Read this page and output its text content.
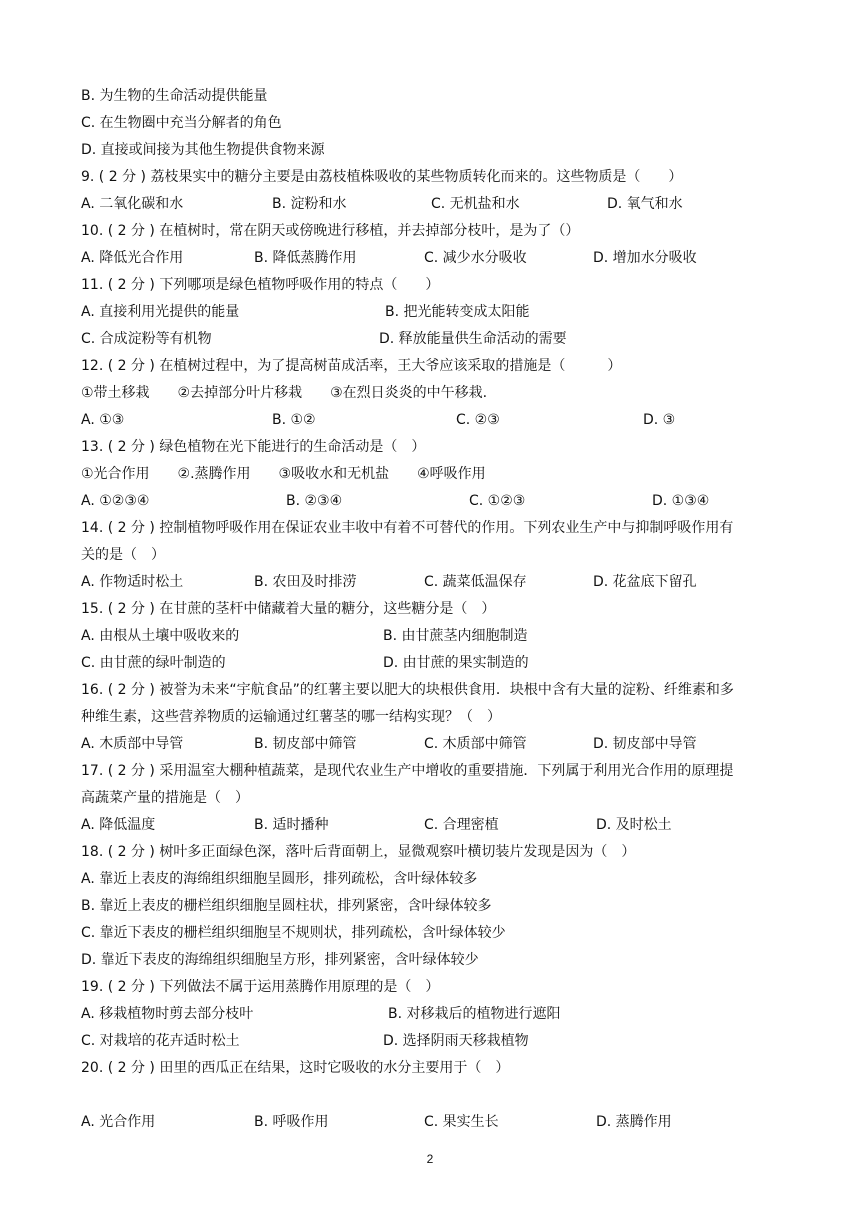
B. 为生物的生命活动提供能量
C. 在生物圈中充当分解者的角色
D. 直接或间接为其他生物提供食物来源
9. ( 2 分 ) 荔枝果实中的糖分主要是由荔枝植株吸收的某些物质转化而来的。这些物质是（　　）
A. 二氧化碳和水	B. 淀粉和水	C. 无机盐和水	D. 氧气和水
10. ( 2 分 ) 在植树时，常在阴天或傍晚进行移植，并去掉部分枝叶，是为了（）
A. 降低光合作用	B. 降低蒸腾作用	C. 减少水分吸收	D. 增加水分吸收
11. ( 2 分 ) 下列哪项是绿色植物呼吸作用的特点（　　）
A. 直接利用光提供的能量	B. 把光能转变成太阳能
C. 合成淀粉等有机物	D. 释放能量供生命活动的需要
12. ( 2 分 ) 在植树过程中，为了提高树苗成活率，王大爷应该采取的措施是（　　　）
①带土移栽　　②去掉部分叶片移栽　　③在烈日炎炎的中午移栽.
A. ①③	B. ①②	C. ②③	D. ③
13. ( 2 分 ) 绿色植物在光下能进行的生命活动是（　）
①光合作用　　②.蒸腾作用　　③吸收水和无机盐　　④呼吸作用
A. ①②③④	B. ②③④	C. ①②③	D. ①③④
14. ( 2 分 ) 控制植物呼吸作用在保证农业丰收中有着不可替代的作用。下列农业生产中与抑制呼吸作用有
关的是（　）
A. 作物适时松土	B. 农田及时排涝	C. 蔬菜低温保存	D. 花盆底下留孔
15. ( 2 分 ) 在甘蔗的茎杆中储藏着大量的糖分，这些糖分是（　）
A. 由根从土壤中吸收来的	B. 由甘蔗茎内细胞制造
C. 由甘蔗的绿叶制造的	D. 由甘蔗的果实制造的
16. ( 2 分 ) 被誉为未来“宇航食品”的红薯主要以肥大的块根供食用．块根中含有大量的淀粉、纤维素和多
种维生素，这些营养物质的运输通过红薯茎的哪一结构实现？（　）
A. 木质部中导管	B. 韧皮部中筛管	C. 木质部中筛管	D. 韧皮部中导管
17. ( 2 分 ) 采用温室大棚种植蔬菜，是现代农业生产中增收的重要措施．下列属于利用光合作用的原理提
高蔬菜产量的措施是（　）
A. 降低温度	B. 适时播种	C. 合理密植	D. 及时松土
18. ( 2 分 ) 树叶多正面绿色深，落叶后背面朝上，显微观察叶横切装片发现是因为（　）
A. 靠近上表皮的海绵组织细胞呈圆形，排列疏松，含叶绿体较多
B. 靠近上表皮的栅栏组织细胞呈圆柱状，排列紧密，含叶绿体较多
C. 靠近下表皮的栅栏组织细胞呈不规则状，排列疏松，含叶绿体较少
D. 靠近下表皮的海绵组织细胞呈方形，排列紧密，含叶绿体较少
19. ( 2 分 ) 下列做法不属于运用蒸腾作用原理的是（　）
A. 移栽植物时剪去部分枝叶	B. 对移栽后的植物进行遮阳
C. 对栽培的花卉适时松土	D. 选择阴雨天移栽植物
20. ( 2 分 ) 田里的西瓜正在结果，这时它吸收的水分主要用于（　）
A. 光合作用	B. 呼吸作用	C. 果实生长	D. 蒸腾作用
2
